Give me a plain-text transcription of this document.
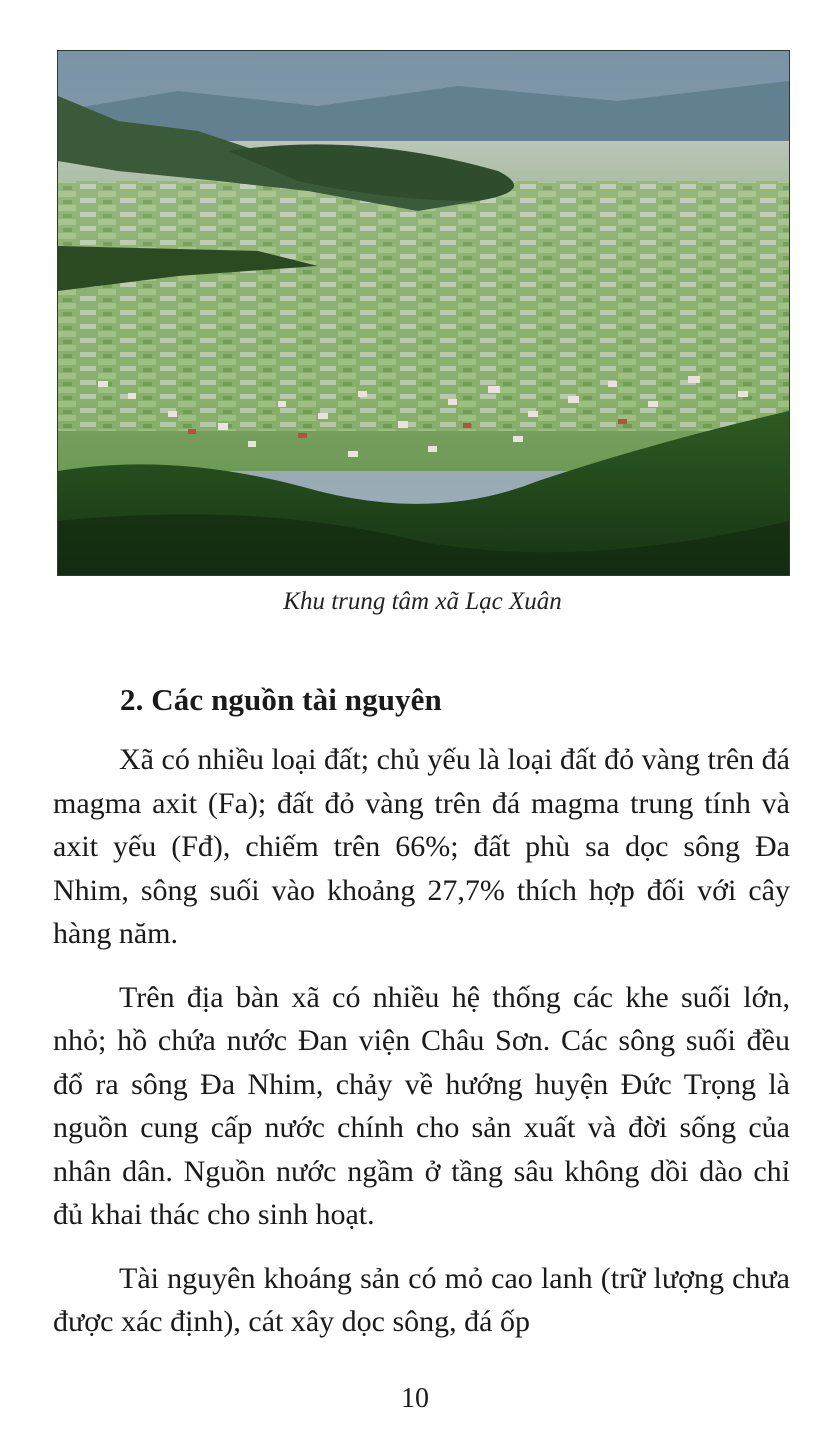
Khu trung tâm xã Lạc Xuân
2. Các nguồn tài nguyên

Xã có nhiều loại đất; chủ yếu là loại đất đỏ vàng trên đá magma axit (Fa); đất đỏ vàng trên đá magma trung tính và axit yếu (Fđ), chiếm trên 66%; đất phù sa dọc sông Đa Nhim, sông suối vào khoảng 27,7% thích hợp đối với cây hàng năm.

Trên địa bàn xã có nhiều hệ thống các khe suối lớn, nhỏ; hồ chứa nước Đan viện Châu Sơn. Các sông suối đều đổ ra sông Đa Nhim, chảy về hướng huyện Đức Trọng là nguồn cung cấp nước chính cho sản xuất và đời sống của nhân dân. Nguồn nước ngầm ở tầng sâu không dồi dào chỉ đủ khai thác cho sinh hoạt.

Tài nguyên khoáng sản có mỏ cao lanh (trữ lượng chưa được xác định), cát xây dọc sông, đá ốp

10
